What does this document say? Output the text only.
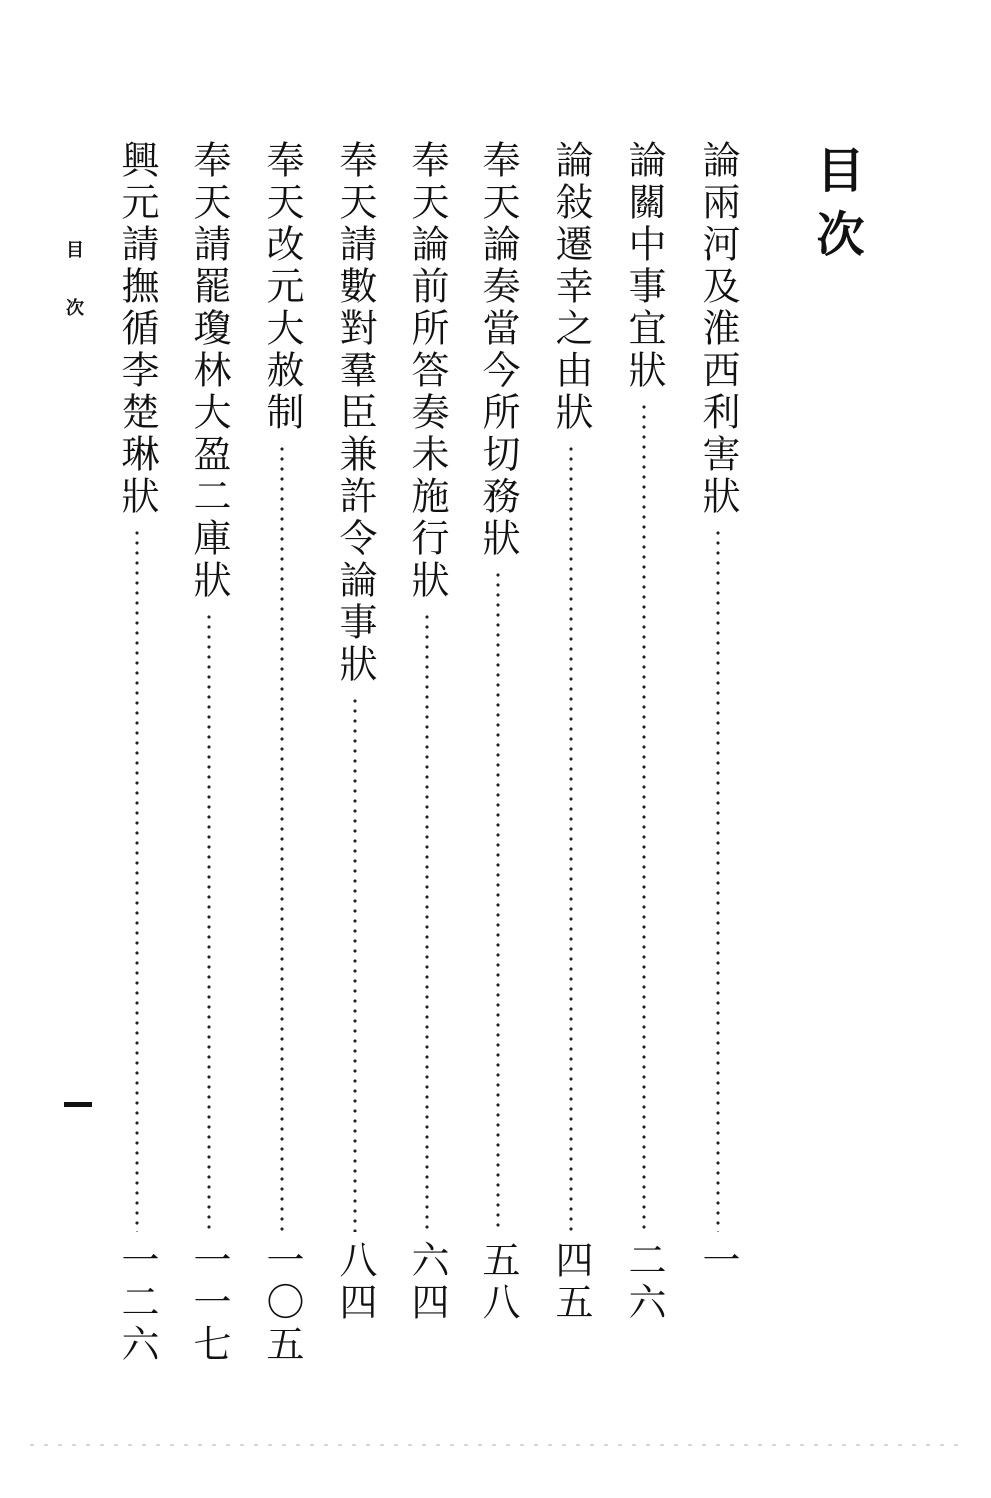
目次
論兩河及淮西利害狀
一
論關中事宜狀
二六
論敍遷幸之由狀
四五
奉天論奏當今所切務狀
五八
奉天論前所答奏未施行狀
六四
奉天請數對羣臣兼許令論事狀
八四
奉天改元大赦制
一〇五
奉天請罷瓊林大盈二庫狀
一一七
興元請撫循李楚琳狀
一二六
目次
